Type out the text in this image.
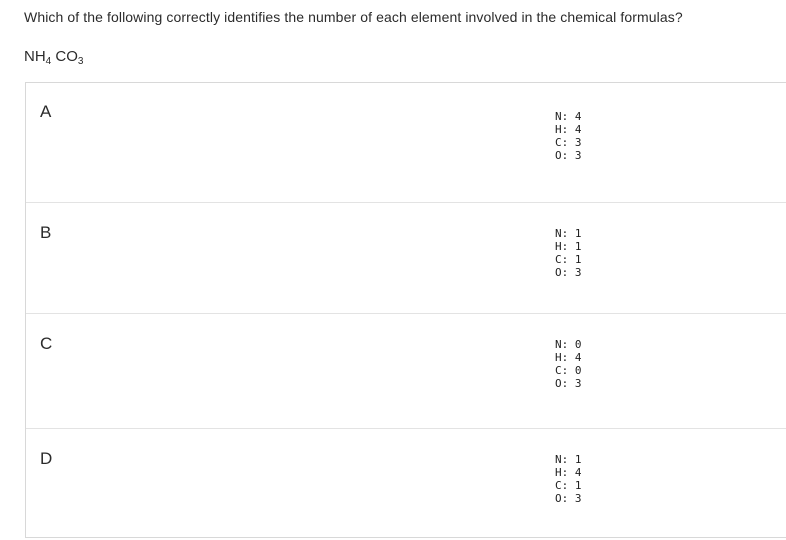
Which of the following correctly identifies the number of each element involved in the chemical formulas?
$NH_4$ $CO_3$
A	N: 4
H: 4
C: 3
O: 3
B	N: 1
H: 1
C: 1
O: 3
C	N: 0
H: 4
C: 0
O: 3
D	N: 1
H: 4
C: 1
O: 3
